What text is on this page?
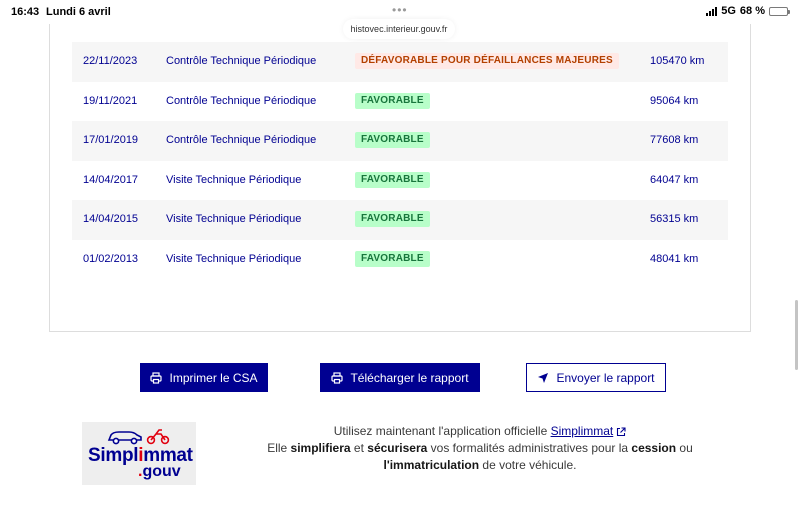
16:43 Lundi 6 avril	•••	5G 68 %
22/11/2023	Contrôle Technique Périodique	DÉFAVORABLE POUR DÉFAILLANCES MAJEURES	105470 km
19/11/2021	Contrôle Technique Périodique	FAVORABLE	95064 km
17/01/2019	Contrôle Technique Périodique	FAVORABLE	77608 km
14/04/2017	Visite Technique Périodique	FAVORABLE	64047 km
14/04/2015	Visite Technique Périodique	FAVORABLE	56315 km
01/02/2013	Visite Technique Périodique	FAVORABLE	48041 km
histovec.interieur.gouv.fr
Imprimer le CSA	Télécharger le rapport	Envoyer le rapport
Simplimmat
.gouv
Utilisez maintenant l'application officielle Simplimmat
Elle simplifiera et sécurisera vos formalités administratives pour la cession ou
l'immatriculation de votre véhicule.
